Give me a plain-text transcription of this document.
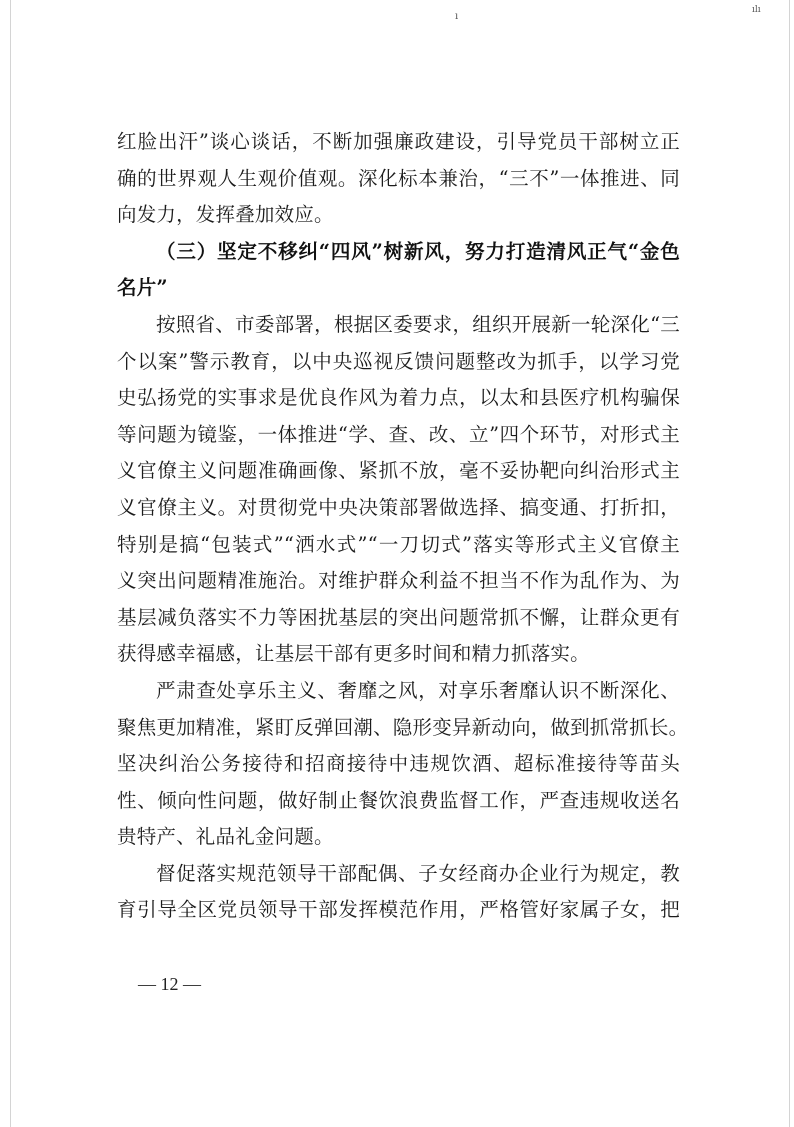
ı
ılı
红脸出汗”谈心谈话，不断加强廉政建设，引导党员干部树立正
确的世界观人生观价值观。深化标本兼治，“三不”一体推进、同
向发力，发挥叠加效应。
（三）坚定不移纠“四风”树新风，努力打造清风正气“金色
名片”
按照省、市委部署，根据区委要求，组织开展新一轮深化“三
个以案”警示教育，以中央巡视反馈问题整改为抓手，以学习党
史弘扬党的实事求是优良作风为着力点，以太和县医疗机构骗保
等问题为镜鉴，一体推进“学、查、改、立”四个环节，对形式主
义官僚主义问题准确画像、紧抓不放，毫不妥协靶向纠治形式主
义官僚主义。对贯彻党中央决策部署做选择、搞变通、打折扣，
特别是搞“包装式”“洒水式”“一刀切式”落实等形式主义官僚主
义突出问题精准施治。对维护群众利益不担当不作为乱作为、为
基层减负落实不力等困扰基层的突出问题常抓不懈，让群众更有
获得感幸福感，让基层干部有更多时间和精力抓落实。
严肃查处享乐主义、奢靡之风，对享乐奢靡认识不断深化、
聚焦更加精准，紧盯反弹回潮、隐形变异新动向，做到抓常抓长。
坚决纠治公务接待和招商接待中违规饮酒、超标准接待等苗头
性、倾向性问题，做好制止餐饮浪费监督工作，严查违规收送名
贵特产、礼品礼金问题。
督促落实规范领导干部配偶、子女经商办企业行为规定，教
育引导全区党员领导干部发挥模范作用，严格管好家属子女，把
— 12 —
